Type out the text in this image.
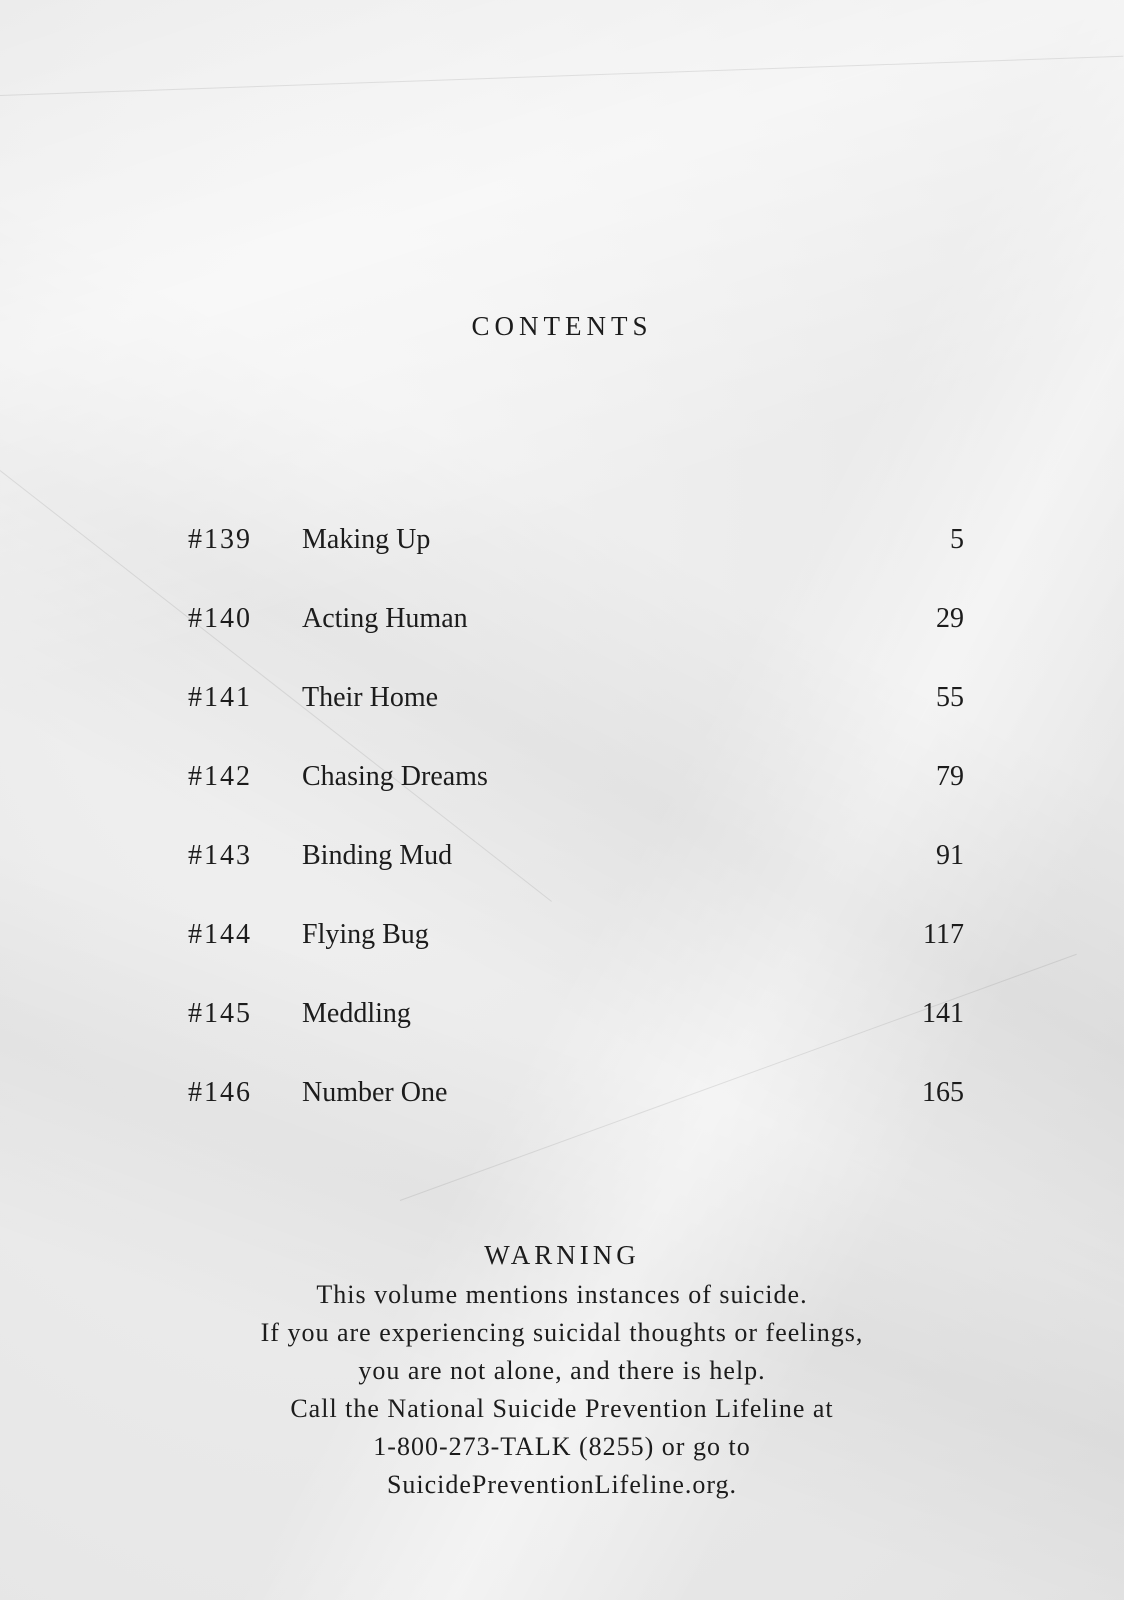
CONTENTS
#139 Making Up	5
#140 Acting Human	29
#141 Their Home	55
#142 Chasing Dreams	79
#143 Binding Mud	91
#144 Flying Bug	117
#145 Meddling	141
#146 Number One	165
WARNING
This volume mentions instances of suicide.
If you are experiencing suicidal thoughts or feelings,
you are not alone, and there is help.
Call the National Suicide Prevention Lifeline at
1-800-273-TALK (8255) or go to
SuicidePreventionLifeline.org.
